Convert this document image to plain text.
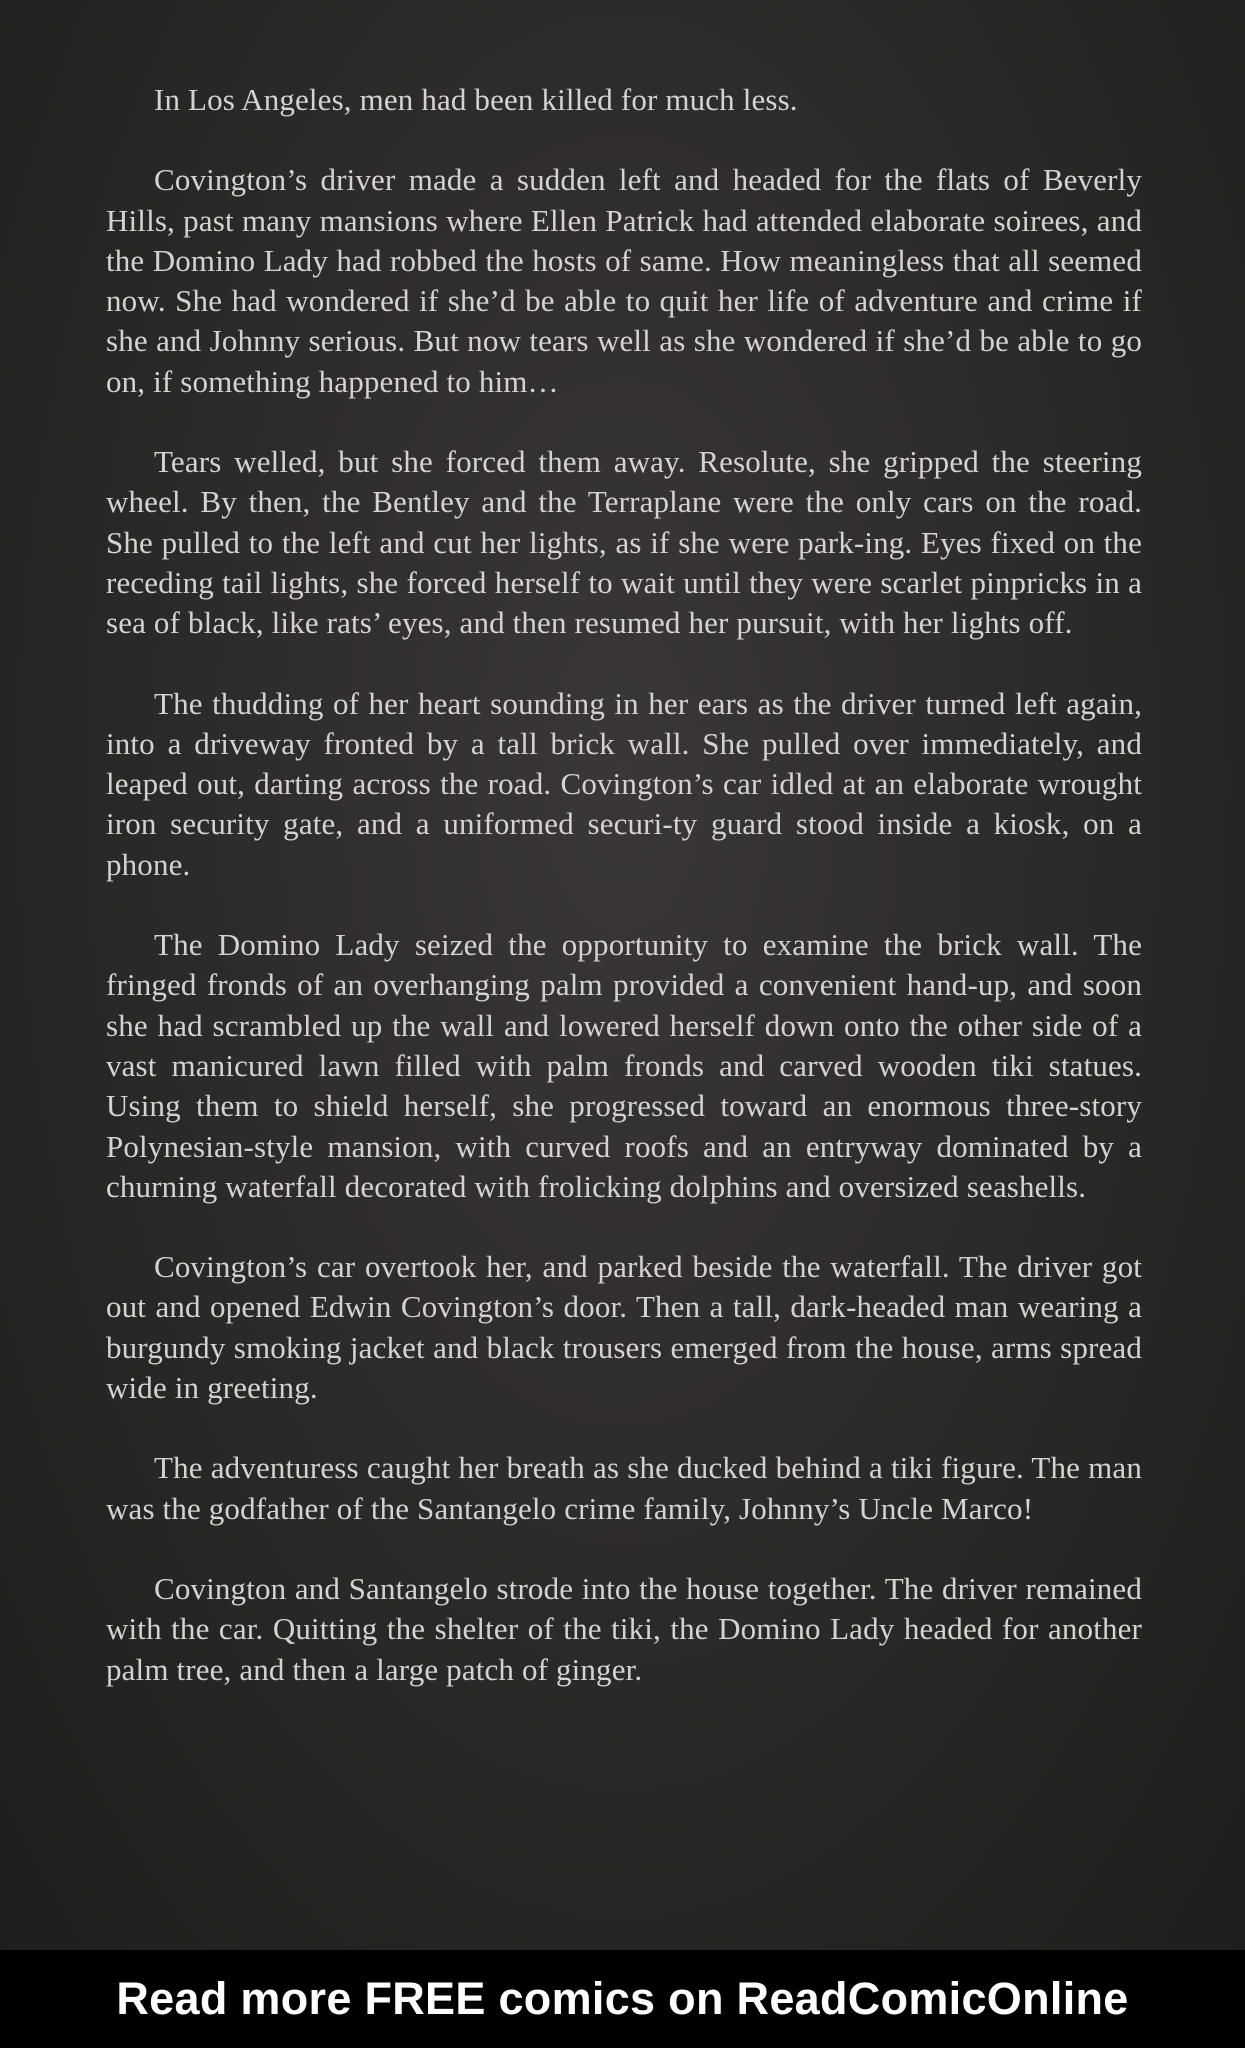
In Los Angeles, men had been killed for much less.

Covington’s driver made a sudden left and headed for the flats of Beverly Hills, past many mansions where Ellen Patrick had attended elaborate soirees, and the Domino Lady had robbed the hosts of same. How meaningless that all seemed now. She had wondered if she’d be able to quit her life of adventure and crime if she and Johnny serious. But now tears well as she wondered if she’d be able to go on, if something happened to him…

Tears welled, but she forced them away. Resolute, she gripped the steering wheel. By then, the Bentley and the Terraplane were the only cars on the road. She pulled to the left and cut her lights, as if she were park-ing. Eyes fixed on the receding tail lights, she forced herself to wait until they were scarlet pinpricks in a sea of black, like rats’ eyes, and then resumed her pursuit, with her lights off.

The thudding of her heart sounding in her ears as the driver turned left again, into a driveway fronted by a tall brick wall. She pulled over immediately, and leaped out, darting across the road. Covington’s car idled at an elaborate wrought iron security gate, and a uniformed securi-ty guard stood inside a kiosk, on a phone.

The Domino Lady seized the opportunity to examine the brick wall. The fringed fronds of an overhanging palm provided a convenient hand-up, and soon she had scrambled up the wall and lowered herself down onto the other side of a vast manicured lawn filled with palm fronds and carved wooden tiki statues. Using them to shield herself, she progressed toward an enormous three-story Polynesian-style mansion, with curved roofs and an entryway dominated by a churning waterfall decorated with frolicking dolphins and oversized seashells.

Covington’s car overtook her, and parked beside the waterfall. The driver got out and opened Edwin Covington’s door. Then a tall, dark-headed man wearing a burgundy smoking jacket and black trousers emerged from the house, arms spread wide in greeting.

The adventuress caught her breath as she ducked behind a tiki figure. The man was the godfather of the Santangelo crime family, Johnny’s Uncle Marco!

Covington and Santangelo strode into the house together. The driver remained with the car. Quitting the shelter of the tiki, the Domino Lady headed for another palm tree, and then a large patch of ginger.

Read more FREE comics on ReadComicOnline
